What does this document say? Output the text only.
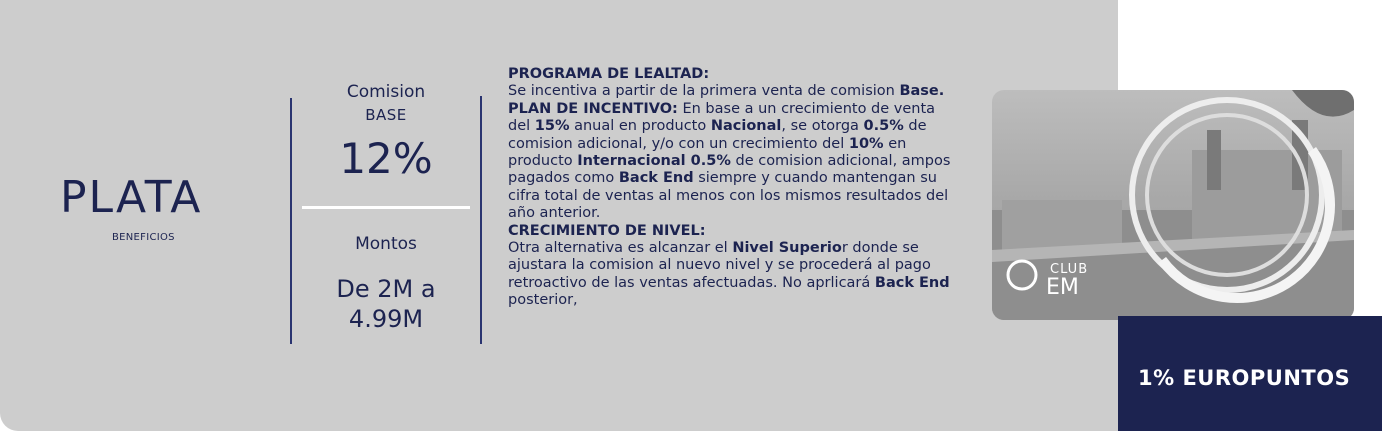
PLATA
BENEFICIOS
Comision
BASE
12%
Montos
De 2M a 4.99M
PROGRAMA DE LEALTAD:
Se incentiva a partir de la primera venta de comision Base.
PLAN DE INCENTIVO: En base a un crecimiento de venta del 15% anual en producto Nacional, se otorga 0.5% de comision adicional, y/o con un crecimiento del 10% en producto Internacional 0.5% de comision adicional, ampos pagados como Back End siempre y cuando mantengan su cifra total de ventas al menos con los mismos resultados del año anterior.
CRECIMIENTO DE NIVEL:
Otra alternativa es alcanzar el Nivel Superior donde se ajustara la comision al nuevo nivel y se procederá al pago retroactivo de las ventas afectuadas. No aprlicará Back End posterior,
CLUB
EM
1% EUROPUNTOS
